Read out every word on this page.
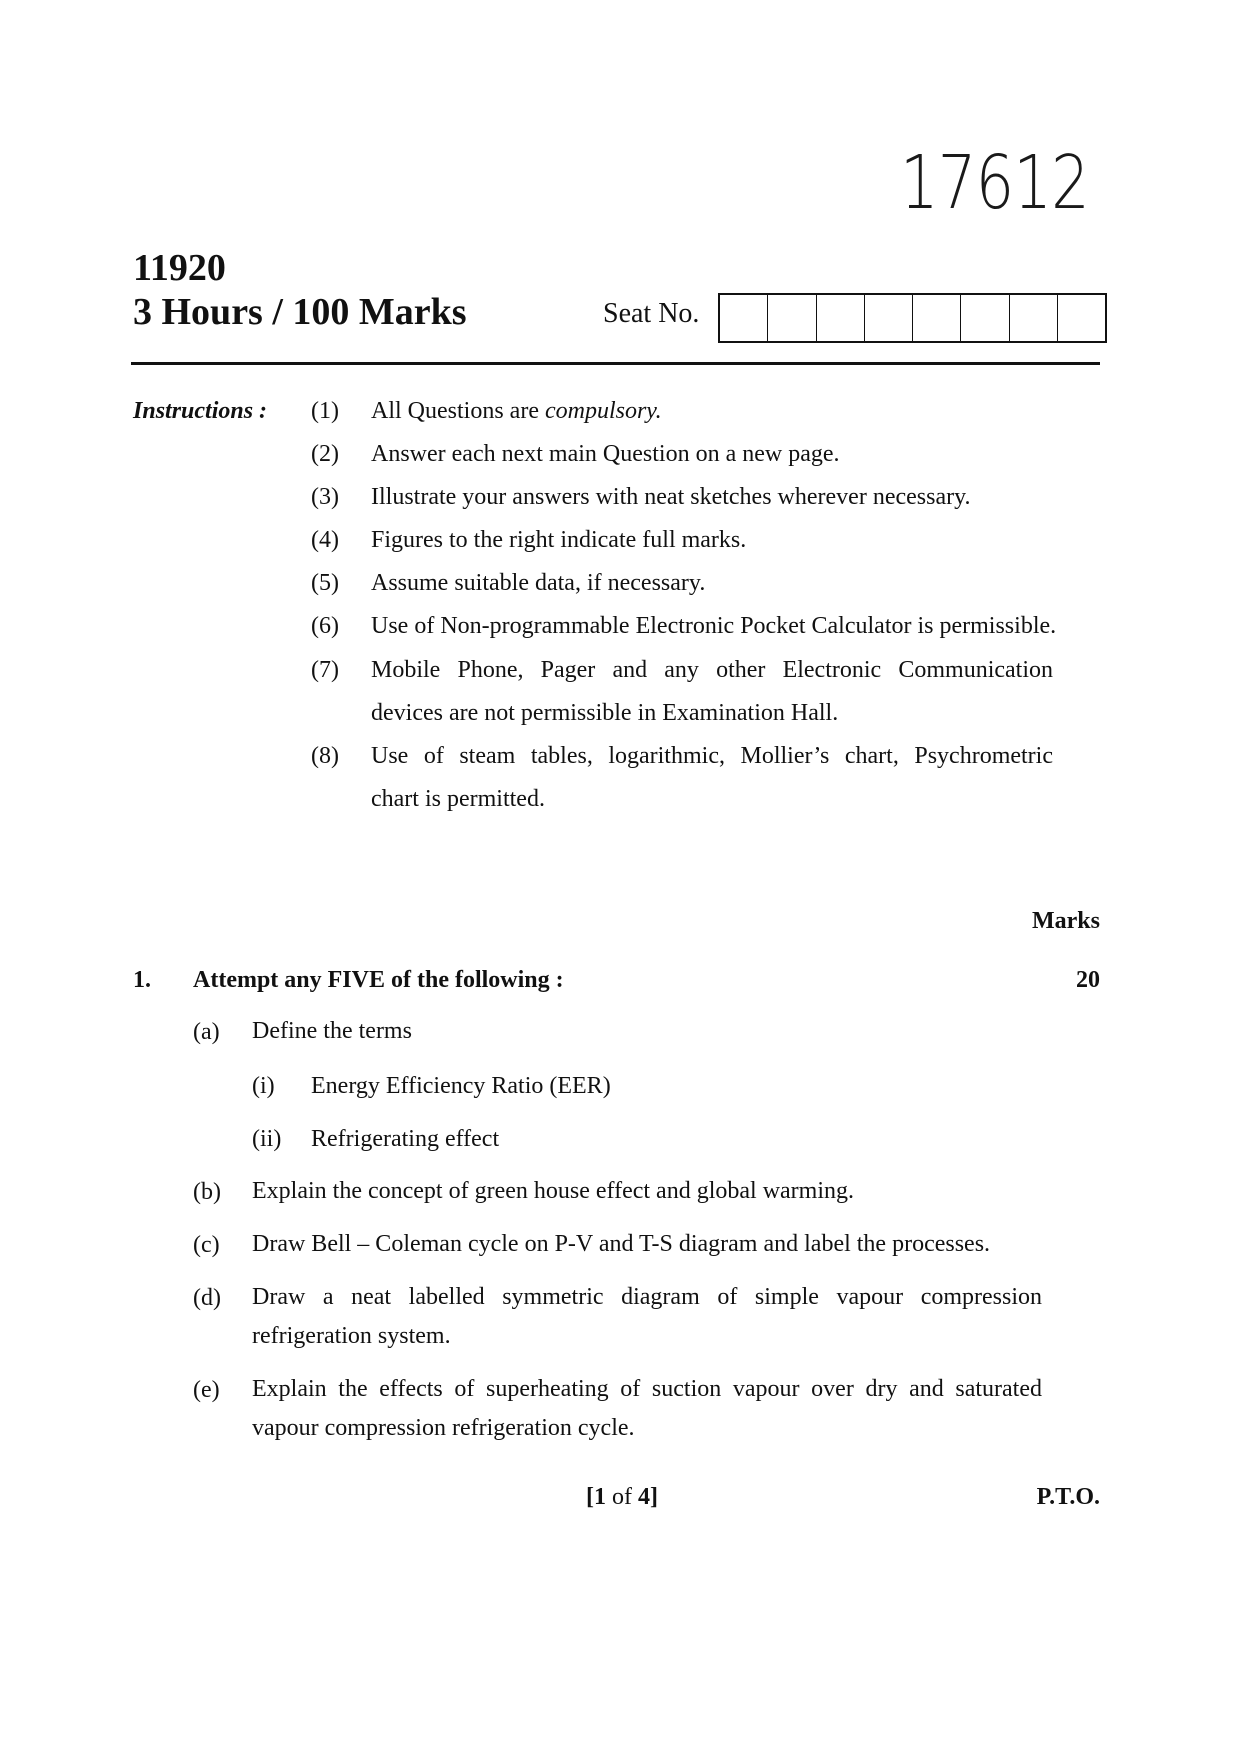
17612
11920
3 Hours / 100 Marks	Seat No.
Instructions : (1) All Questions are compulsory.
(2) Answer each next main Question on a new page.
(3) Illustrate your answers with neat sketches wherever necessary.
(4) Figures to the right indicate full marks.
(5) Assume suitable data, if necessary.
(6) Use of Non-programmable Electronic Pocket Calculator is permissible.
(7) Mobile Phone, Pager and any other Electronic Communication
devices are not permissible in Examination Hall.
(8) Use of steam tables, logarithmic, Mollier’s chart, Psychrometric
chart is permitted.
Marks
1. Attempt any FIVE of the following :	20
(a) Define the terms
(i) Energy Efficiency Ratio (EER)
(ii) Refrigerating effect
(b) Explain the concept of green house effect and global warming.
(c) Draw Bell – Coleman cycle on P-V and T-S diagram and label the processes.
(d) Draw a neat labelled symmetric diagram of simple vapour compression
refrigeration system.
(e) Explain the effects of superheating of suction vapour over dry and saturated
vapour compression refrigeration cycle.
[1 of 4]	P.T.O.
